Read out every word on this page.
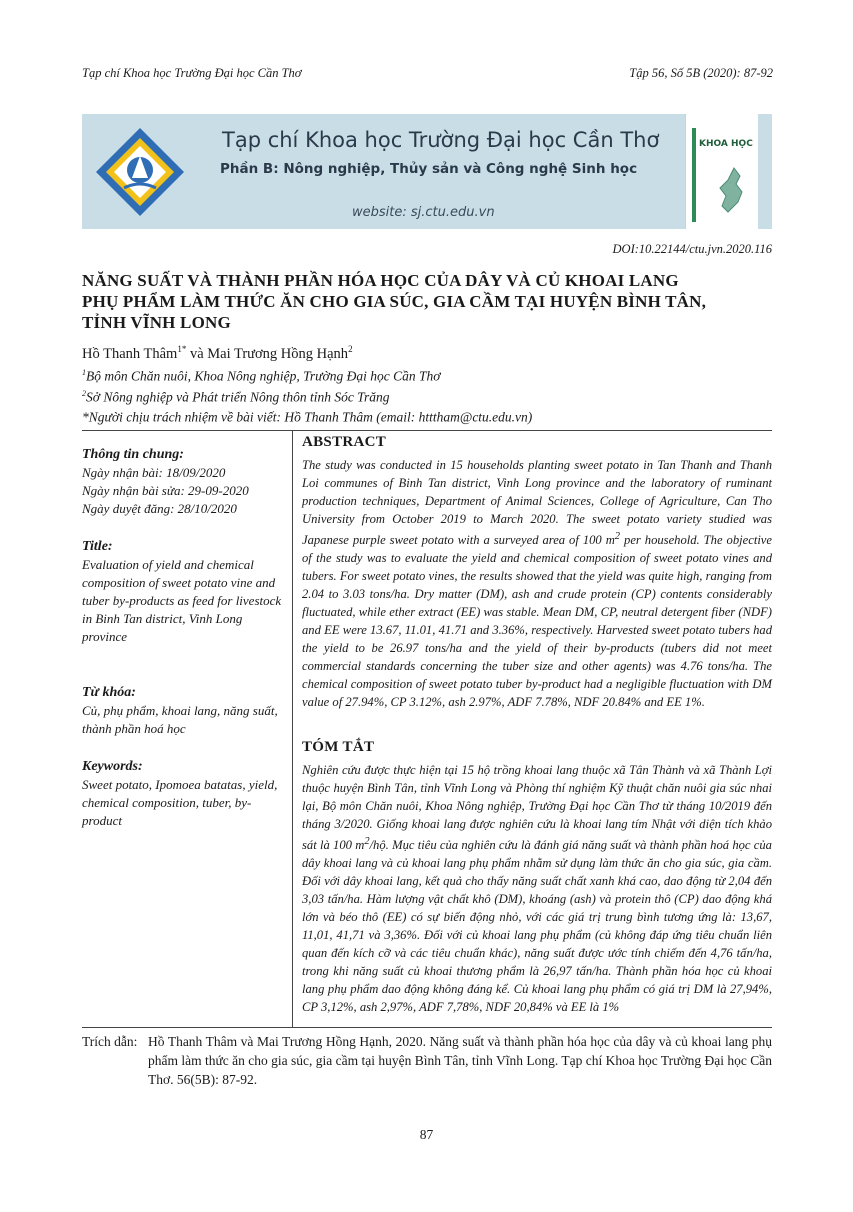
Tạp chí Khoa học Trường Đại học Cần Thơ	Tập 56, Số 5B (2020): 87-92
Tạp chí Khoa học Trường Đại học Cần Thơ
Phần B: Nông nghiệp, Thủy sản và Công nghệ Sinh học
website: sj.ctu.edu.vn
KHOA HỌC
DOI:10.22144/ctu.jvn.2020.116
NĂNG SUẤT VÀ THÀNH PHẦN HÓA HỌC CỦA DÂY VÀ CỦ KHOAI LANG
PHỤ PHẨM LÀM THỨC ĂN CHO GIA SÚC, GIA CẦM TẠI HUYỆN BÌNH TÂN,
TỈNH VĨNH LONG
Hồ Thanh Thâm$^{1*}$ và Mai Trương Hồng Hạnh$^2$
$^1$Bộ môn Chăn nuôi, Khoa Nông nghiệp, Trường Đại học Cần Thơ
$^2$Sở Nông nghiệp và Phát triển Nông thôn tỉnh Sóc Trăng
*Người chịu trách nhiệm về bài viết: Hồ Thanh Thâm (email: htttham@ctu.edu.vn)
Thông tin chung:

Ngày nhận bài: 18/09/2020

Ngày nhận bài sửa: 29-09-2020

Ngày duyệt đăng: 28/10/2020

Title:

Evaluation of yield and chemical composition of sweet potato vine and tuber by-products as feed for livestock in Binh Tan district, Vinh Long province

Từ khóa:

Củ, phụ phẩm, khoai lang, năng suất, thành phần hoá học

Keywords:

Sweet potato, Ipomoea batatas, yield, chemical composition, tuber, by-product

ABSTRACT

The study was conducted in 15 households planting sweet potato in Tan Thanh and Thanh Loi communes of Binh Tan district, Vinh Long province and the laboratory of ruminant production techniques, Department of Animal Sciences, College of Agriculture, Can Tho University from October 2019 to March 2020. The sweet potato variety studied was Japanese purple sweet potato with a surveyed area of 100 $m^2$ per household. The objective of the study was to evaluate the yield and chemical composition of sweet potato vines and tubers. For sweet potato vines, the results showed that the yield was quite high, ranging from 2.04 to 3.03 tons/ha. Dry matter (DM), ash and crude protein (CP) contents considerably fluctuated, while ether extract (EE) was stable. Mean DM, CP, neutral detergent fiber (NDF) and EE were 13.67, 11.01, 41.71 and 3.36%, respectively. Harvested sweet potato tubers had the yield to be 26.97 tons/ha and the yield of their by-products (tubers did not meet commercial standards concerning the tuber size and other agents) was 4.76 tons/ha. The chemical composition of sweet potato tuber by-product had a negligible fluctuation with DM value of 27.94%, CP 3.12%, ash 2.97%, ADF 7.78%, NDF 20.84% and EE 1%.

TÓM TẮT

Nghiên cứu được thực hiện tại 15 hộ trồng khoai lang thuộc xã Tân Thành và xã Thành Lợi thuộc huyện Bình Tân, tỉnh Vĩnh Long và Phòng thí nghiệm Kỹ thuật chăn nuôi gia súc nhai lại, Bộ môn Chăn nuôi, Khoa Nông nghiệp, Trường Đại học Cần Thơ từ tháng 10/2019 đến tháng 3/2020. Giống khoai lang được nghiên cứu là khoai lang tím Nhật với diện tích khảo sát là 100 $m^2/hộ$. Mục tiêu của nghiên cứu là đánh giá năng suất và thành phần hoá học của dây khoai lang và củ khoai lang phụ phẩm nhằm sử dụng làm thức ăn cho gia súc, gia cầm. Đối với dây khoai lang, kết quả cho thấy năng suất chất xanh khá cao, dao động từ 2,04 đến 3,03 tấn/ha. Hàm lượng vật chất khô (DM), khoáng (ash) và protein thô (CP) dao động khá lớn và béo thô (EE) có sự biến động nhỏ, với các giá trị trung bình tương ứng là: 13,67, 11,01, 41,71 và 3,36%. Đối với củ khoai lang phụ phẩm (củ không đáp ứng tiêu chuẩn liên quan đến kích cỡ và các tiêu chuẩn khác), năng suất được ước tính chiếm đến 4,76 tấn/ha, trong khi năng suất củ khoai thương phẩm là 26,97 tấn/ha. Thành phần hóa học củ khoai lang phụ phẩm dao động không đáng kể. Củ khoai lang phụ phẩm có giá trị DM là 27,94%, CP 3,12%, ash 2,97%, ADF 7,78%, NDF 20,84% và EE là 1%

Trích dẫn: Hồ Thanh Thâm và Mai Trương Hồng Hạnh, 2020. Năng suất và thành phần hóa học của dây và củ khoai lang phụ phẩm làm thức ăn cho gia súc, gia cầm tại huyện Bình Tân, tỉnh Vĩnh Long. Tạp chí Khoa học Trường Đại học Cần Thơ. 56(5B): 87-92.
87
